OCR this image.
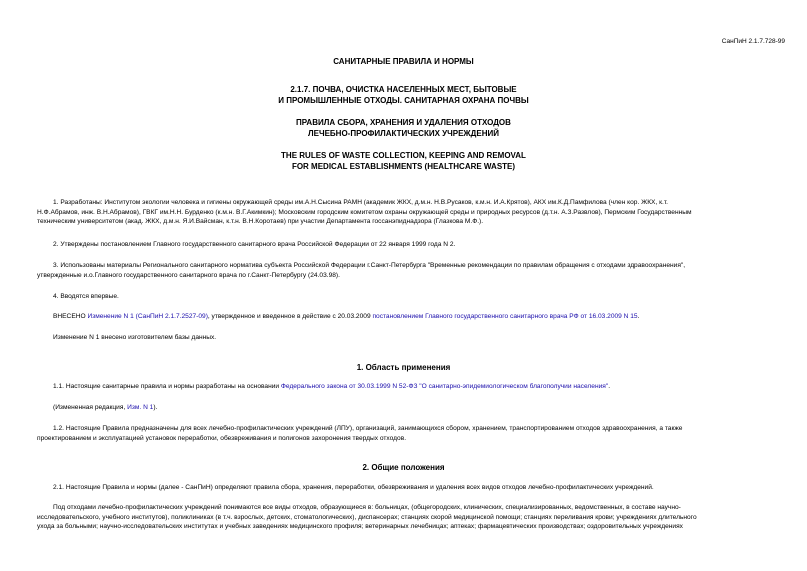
СанПиН 2.1.7.728-99
САНИТАРНЫЕ ПРАВИЛА И НОРМЫ
2.1.7. ПОЧВА, ОЧИСТКА НАСЕЛЕННЫХ МЕСТ, БЫТОВЫЕ
И ПРОМЫШЛЕННЫЕ ОТХОДЫ. САНИТАРНАЯ ОХРАНА ПОЧВЫ
ПРАВИЛА СБОРА, ХРАНЕНИЯ И УДАЛЕНИЯ ОТХОДОВ
ЛЕЧЕБНО-ПРОФИЛАКТИЧЕСКИХ УЧРЕЖДЕНИЙ
THE RULES OF WASTE COLLECTION, KEEPING AND REMOVAL
FOR MEDICAL ESTABLISHMENTS (HEALTHCARE WASTE)
1. Разработаны: Институтом экологии человека и гигиены окружающей среды им.А.Н.Сысина РАМН (академик ЖКХ, д.м.н. Н.В.Русаков, к.м.н. И.А.Крятов), АКХ им.К.Д.Памфилова (член кор. ЖКХ, к.т.
Н.Ф.Абрамов, инж. В.Н.Абрамов), ГВКГ им.Н.Н. Бурденко (к.м.н. В.Г.Акимкин); Московским городским комитетом охраны окружающей среды и природных ресурсов (д.т.н. А.З.Развлов), Пермским Государственным
техническим университетом (акад. ЖКХ, д.м.н. Я.И.Вайсман, к.т.н. В.Н.Коротаев) при участии Департамента госсанэпиднадзора (Глазкова М.Ф.).
2. Утверждены постановлением Главного государственного санитарного врача Российской Федерации от 22 января 1999 года N 2.
3. Использованы материалы Регионального санитарного норматива субъекта Российской Федерации г.Санкт-Петербурга "Временные рекомендации по правилам обращения с отходами здравоохранения",
утвержденные и.о.Главного государственного санитарного врача по г.Санкт-Петербургу (24.03.98).
4. Вводятся впервые.
ВНЕСЕНО Изменение N 1 (СанПиН 2.1.7.2527-09), утвержденное и введенное в действие с 20.03.2009 постановлением Главного государственного санитарного врача РФ от 16.03.2009 N 15.
Изменение N 1 внесено изготовителем базы данных.
1. Область применения
1.1. Настоящие санитарные правила и нормы разработаны на основании Федерального закона от 30.03.1999 N 52-ФЗ "О санитарно-эпидемиологическом благополучии населения".
(Измененная редакция, Изм. N 1).
1.2. Настоящие Правила предназначены для всех лечебно-профилактических учреждений (ЛПУ), организаций, занимающихся сбором, хранением, транспортированием отходов здравоохранения, а также
проектированием и эксплуатацией установок переработки, обезвреживания и полигонов захоронения твердых отходов.
2. Общие положения
2.1. Настоящие Правила и нормы (далее - СанПиН) определяют правила сбора, хранения, переработки, обезвреживания и удаления всех видов отходов лечебно-профилактических учреждений.
Под отходами лечебно-профилактических учреждений понимаются все виды отходов, образующиеся в: больницах, (общегородских, клинических, специализированных, ведомственных, в составе научно-
исследовательского, учебного институтов), поликлиниках (в т.ч. взрослых, детских, стоматологических), диспансерах; станциях скорой медицинской помощи; станциях переливания крови; учреждениях длительного
ухода за больными; научно-исследовательских институтах и учебных заведениях медицинского профиля; ветеринарных лечебницах; аптеках; фармацевтических производствах; оздоровительных учреждениях
